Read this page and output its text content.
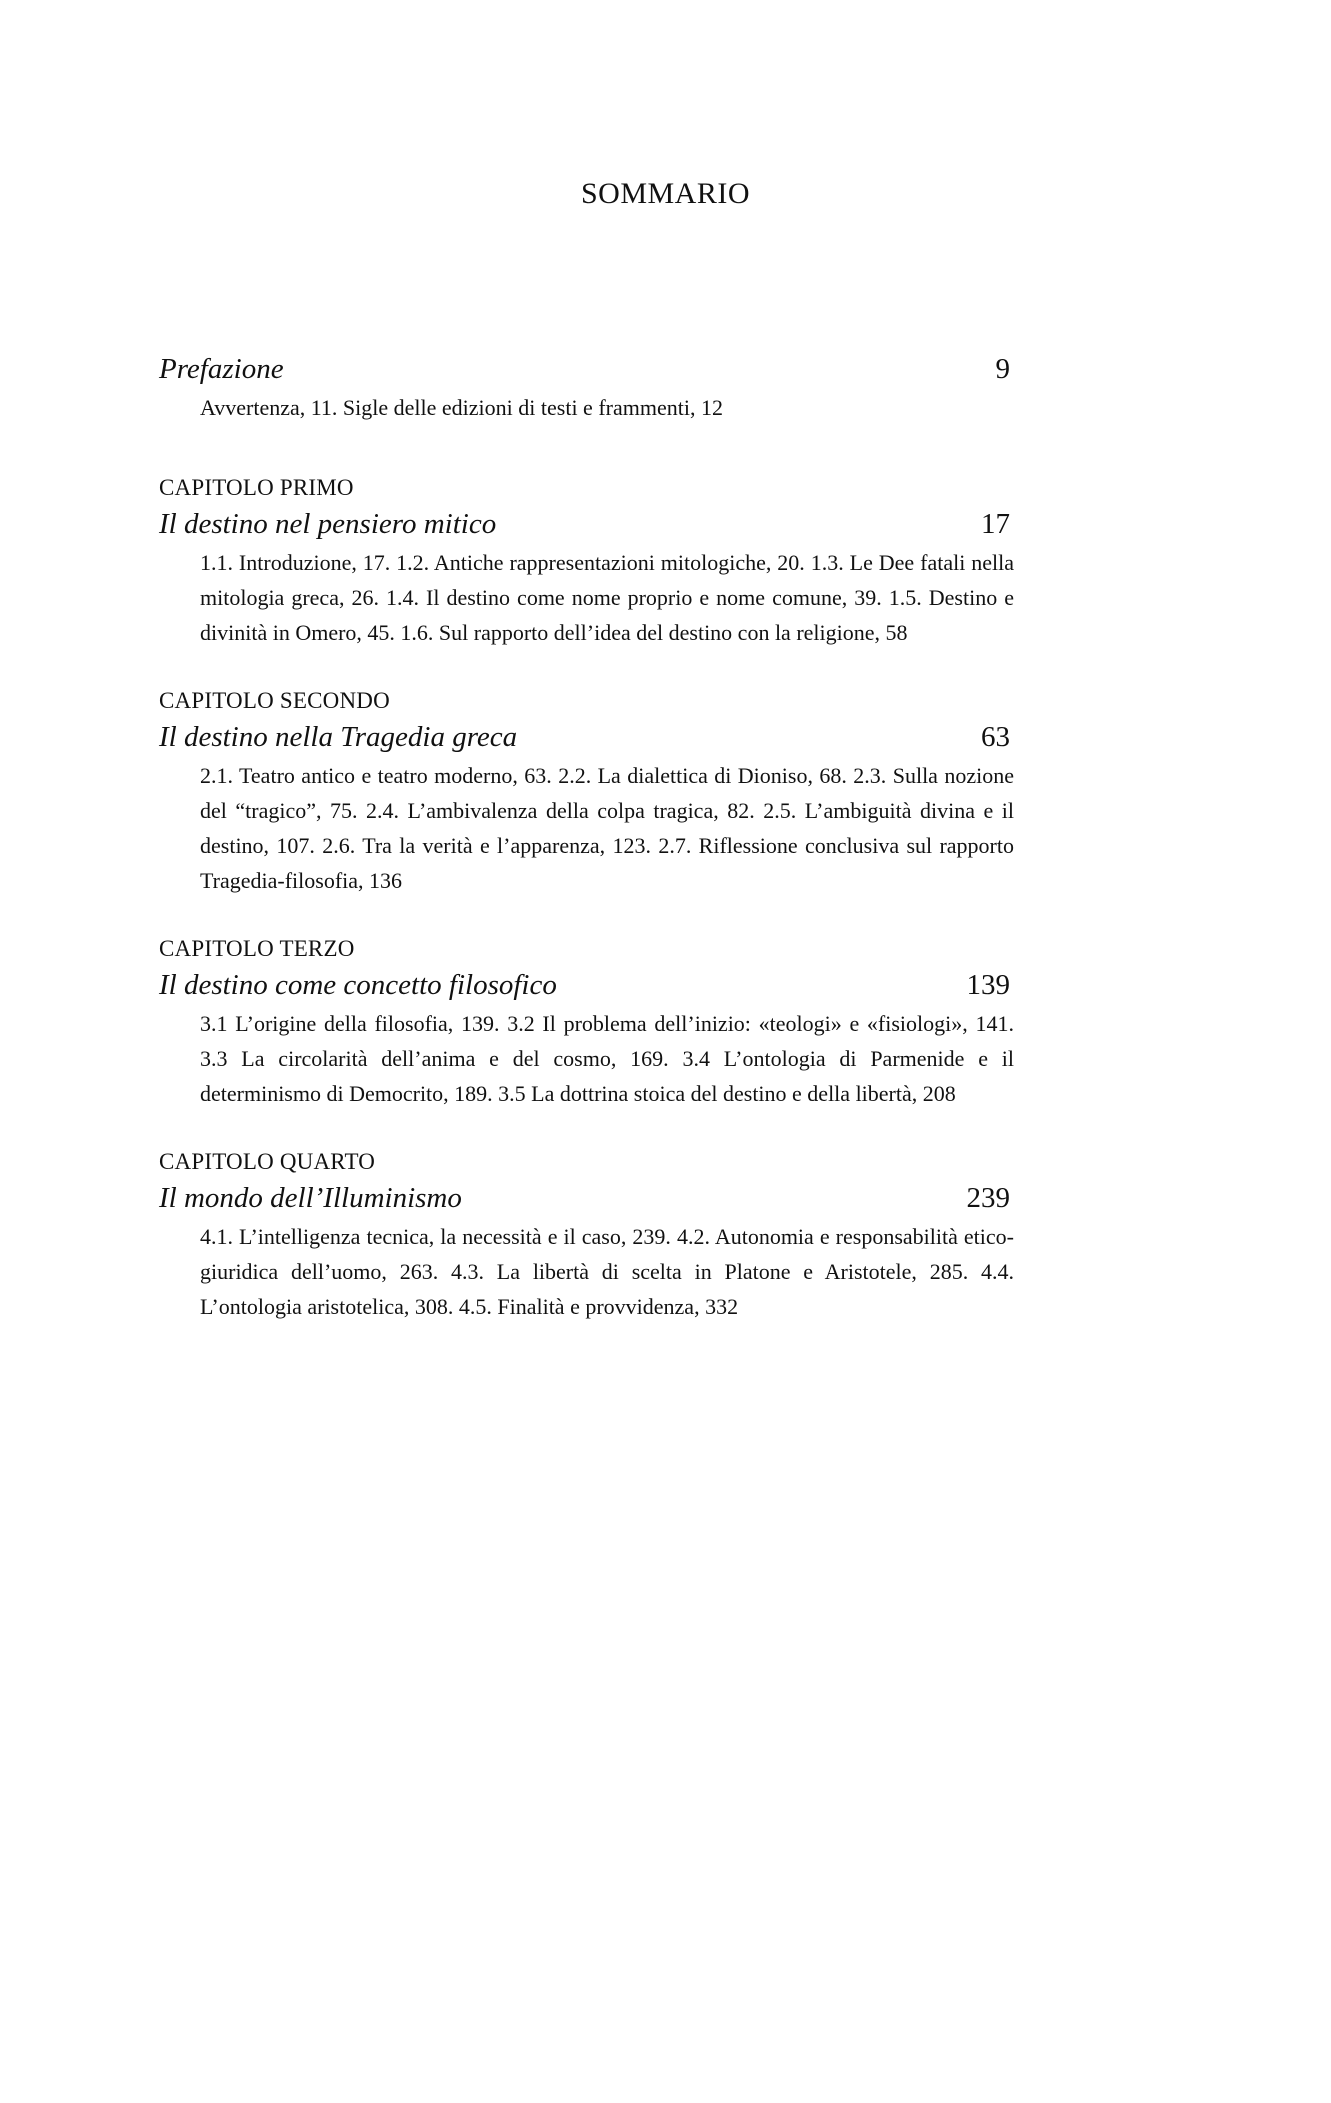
SOMMARIO
Prefazione	9
Avvertenza, 11. Sigle delle edizioni di testi e frammenti, 12
CAPITOLO PRIMO
Il destino nel pensiero mitico	17
1.1. Introduzione, 17. 1.2. Antiche rappresentazioni mitologiche, 20. 1.3. Le Dee fatali nella mitologia greca, 26. 1.4. Il destino come nome proprio e nome comune, 39. 1.5. Destino e divinità in Omero, 45. 1.6. Sul rapporto dell’idea del destino con la religione, 58
CAPITOLO SECONDO
Il destino nella Tragedia greca	63
2.1. Teatro antico e teatro moderno, 63. 2.2. La dialettica di Dioniso, 68. 2.3. Sulla nozione del “tragico”, 75. 2.4. L’ambivalenza della colpa tragica, 82. 2.5. L’ambiguità divina e il destino, 107. 2.6. Tra la verità e l’apparenza, 123. 2.7. Riflessione conclusiva sul rapporto Tragedia-filosofia, 136
CAPITOLO TERZO
Il destino come concetto filosofico	139
3.1 L’origine della filosofia, 139. 3.2 Il problema dell’inizio: «teologi» e «fisiologi», 141. 3.3 La circolarità dell’anima e del cosmo, 169. 3.4 L’ontologia di Parmenide e il determinismo di Democrito, 189. 3.5 La dottrina stoica del destino e della libertà, 208
CAPITOLO QUARTO
Il mondo dell’Illuminismo	239
4.1. L’intelligenza tecnica, la necessità e il caso, 239. 4.2. Autonomia e responsabilità etico-giuridica dell’uomo, 263. 4.3. La libertà di scelta in Platone e Aristotele, 285. 4.4. L’ontologia aristotelica, 308. 4.5. Finalità e provvidenza, 332
